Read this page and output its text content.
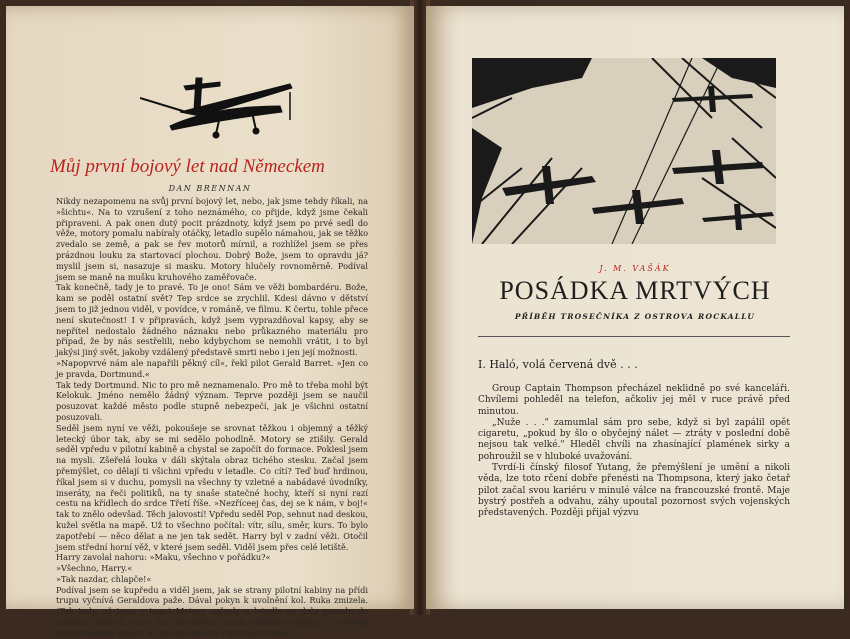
Můj první bojový let nad Německem
DAN BRENNAN

Nikdy nezapomenu na svůj první bojový let, nebo, jak jsme tehdy říkali, na »šichtu«. Na to vzrušení z toho neznámého, co přijde, když jsme čekali připraveni. A pak onen dutý pocit prázdnoty, když jsem po prvé sedl do věže, motory pomalu nabíraly otáčky, letadlo supělo námahou, jak se těžko zvedalo se země, a pak se řev motorů mírnil, a rozhlížel jsem se přes prázdnou louku za startovací plochou. Dobrý Bože, jsem to opravdu já? myslil jsem si, nasazuje si masku. Motory hlučely rovnoměrně. Podíval jsem se maně na mušku kruhového zaměřovače.

Tak konečně, tady je to pravé. To je ono! Sám ve věži bombardéru. Bože, kam se poděl ostatní svět? Tep srdce se zrychlil. Kdesi dávno v dětství jsem to již jednou viděl, v povídce, v románě, ve filmu. K čertu, tohle přece není skutečnost! I v připravách, když jsem vyprazdňoval kapsy, aby se nepřítel nedostalo žádného náznaku nebo průkazného materiálu pro případ, že by nás sestřelili, nebo kdybychom se nemohli vrátit, i to byl jakýsi jiný svět, jakoby vzdálený představě smrti nebo i jen její možnosti.

»Napopvrvé nám ale napařili pěkný cíl«, řekl pilot Gerald Barret. »Jen co je pravda, Dortmund.«

Tak tedy Dortmund. Nic to pro mě neznamenalo. Pro mě to třeba mohl být Kelokuk. Jméno nemělo žádný význam. Teprve později jsem se naučil posuzovat každé město podle stupně nebezpečí, jak je všichni ostatní posuzovali.

Seděl jsem nyní ve věži, pokoušeje se srovnat těžkou i objemný a těžký letecký úbor tak, aby se mi sedělo pohodlně. Motory se ztišily. Gerald seděl vpředu v pilotní kabině a chystal se započít do formace. Poklesl jsem na mysli. Zšeřelá louka v dáli skýtala obraz tichého stesku. Začal jsem přemýšlet, co dělají ti všichni vpředu v letadle. Co cítí? Teď buď hrdinou, říkal jsem si v duchu, pomysli na všechny ty vzletné a nabádavé úvodníky, inseráty, na řeči politiků, na ty snaše statečné hochy, kteří si nyní razí cestu na křídlech do srdce Třetí říše. »Nezříceej čas, dej se k nám, v boj!« tak to znělo odevšad. Těch jalovostí! Vpředu seděl Pop, sehnut nad deskou, kužel světla na mapě. Už to všechno počítal: vítr, sílu, směr, kurs. To bylo zapotřebí — něco dělat a ne jen tak sedět. Harry byl v zadní věži. Otočil jsem střední horní věž, v které jsem seděl. Viděl jsem přes celé letiště.

Harry zavolal nahoru: »Maku, všechno v pořádku?«

»Všechno, Harry.«

»Tak nazdar, chlapče!«

Podíval jsem se kupředu a viděl jsem, jak se strany pilotní kabiny na přídi trupu vyčnívá Geraldova paže. Dával pokyn k uvolnění kol. Ruka zmizela. (Tak tedy, už jsem v tom.) Motory zařvaly a letadlo se dalo pomalu do pohybu. Začočil jsme na obvodovou cestu vnějšího okruhu a rolovali pomalu kolem letiště, a tam za námi se v určitých vzdále-

J. M. VAŠÁK
POSÁDKA MRTVÝCH
PŘÍBĚH TROSEČNÍKA Z OSTROVA ROCKALLU
I. Haló, volá červená dvě . . .

Group Captain Thompson přecházel neklidně po své kanceláři. Chvílemi pohleděl na telefon, ačkoliv jej měl v ruce právě před minutou.

„Nuže . . ." zamumlal sám pro sebe, když si byl zapálil opět cigaretu, „pokud by šlo o obyčejný nálet — ztráty v poslední době nejsou tak velké." Hleděl chvíli na zhasínající plamének sirky a pohroužil se v hluboké uvažování.

Tvrdí-li čínský filosof Yutang, že přemýšlení je umění a nikoli věda, lze toto rčení dobře přenésti na Thompsona, který jako četař pilot začal svou kariéru v minulé válce na francouzské frontě. Maje bystrý postřeh a odvahu, záhy upoutal pozornost svých vojenských představených. Později přijal výzvu
